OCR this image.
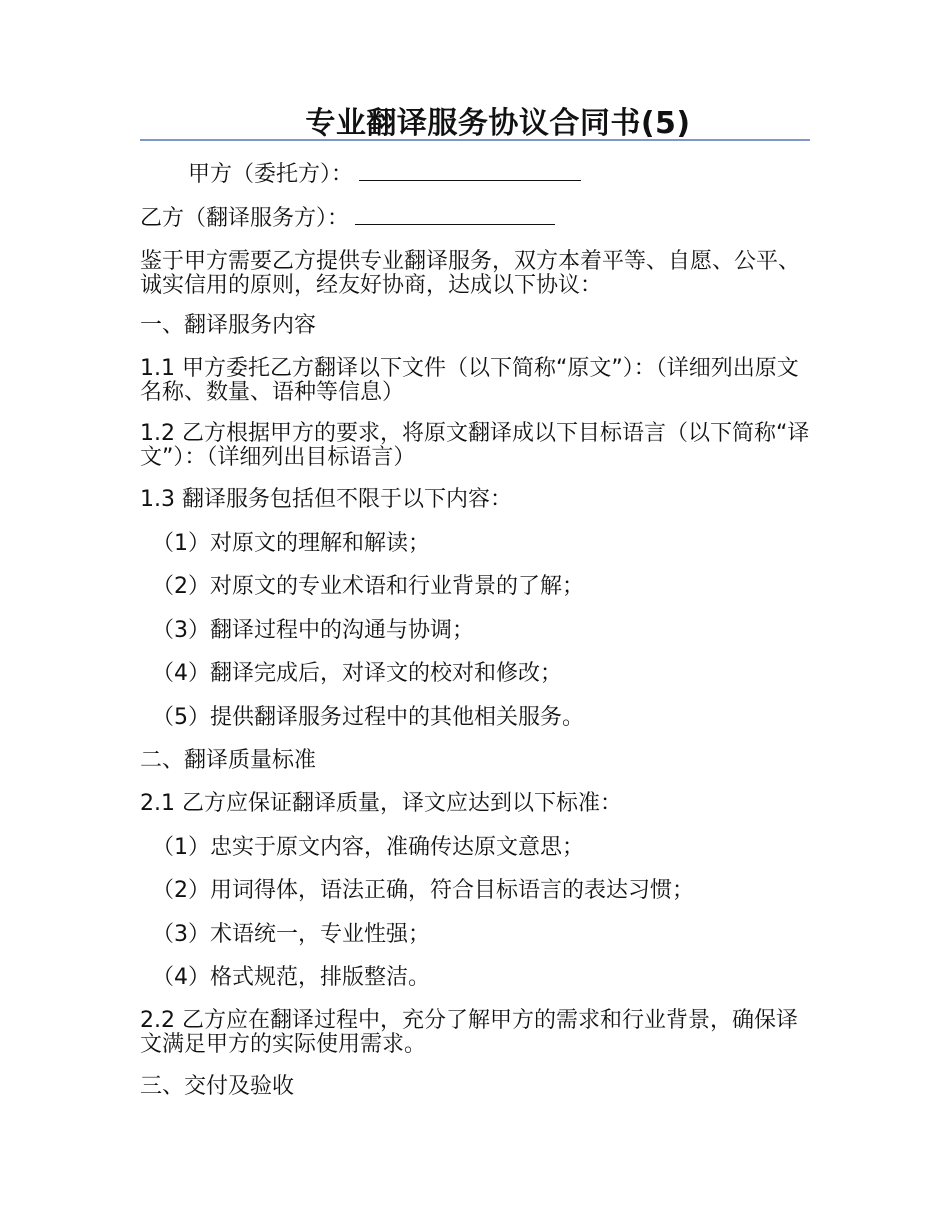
专业翻译服务协议合同书(5)
甲方（委托方）：
乙方（翻译服务方）：
鉴于甲方需要乙方提供专业翻译服务，双方本着平等、自愿、公平、诚实信用的原则，经友好协商，达成以下协议：
一、翻译服务内容
1.1 甲方委托乙方翻译以下文件（以下简称“原文”）：（详细列出原文名称、数量、语种等信息）
1.2 乙方根据甲方的要求，将原文翻译成以下目标语言（以下简称“译文”）：（详细列出目标语言）
1.3 翻译服务包括但不限于以下内容：
（1）对原文的理解和解读；
（2）对原文的专业术语和行业背景的了解；
（3）翻译过程中的沟通与协调；
（4）翻译完成后，对译文的校对和修改；
（5）提供翻译服务过程中的其他相关服务。
二、翻译质量标准
2.1 乙方应保证翻译质量，译文应达到以下标准：
（1）忠实于原文内容，准确传达原文意思；
（2）用词得体，语法正确，符合目标语言的表达习惯；
（3）术语统一，专业性强；
（4）格式规范，排版整洁。
2.2 乙方应在翻译过程中，充分了解甲方的需求和行业背景，确保译文满足甲方的实际使用需求。
三、交付及验收
